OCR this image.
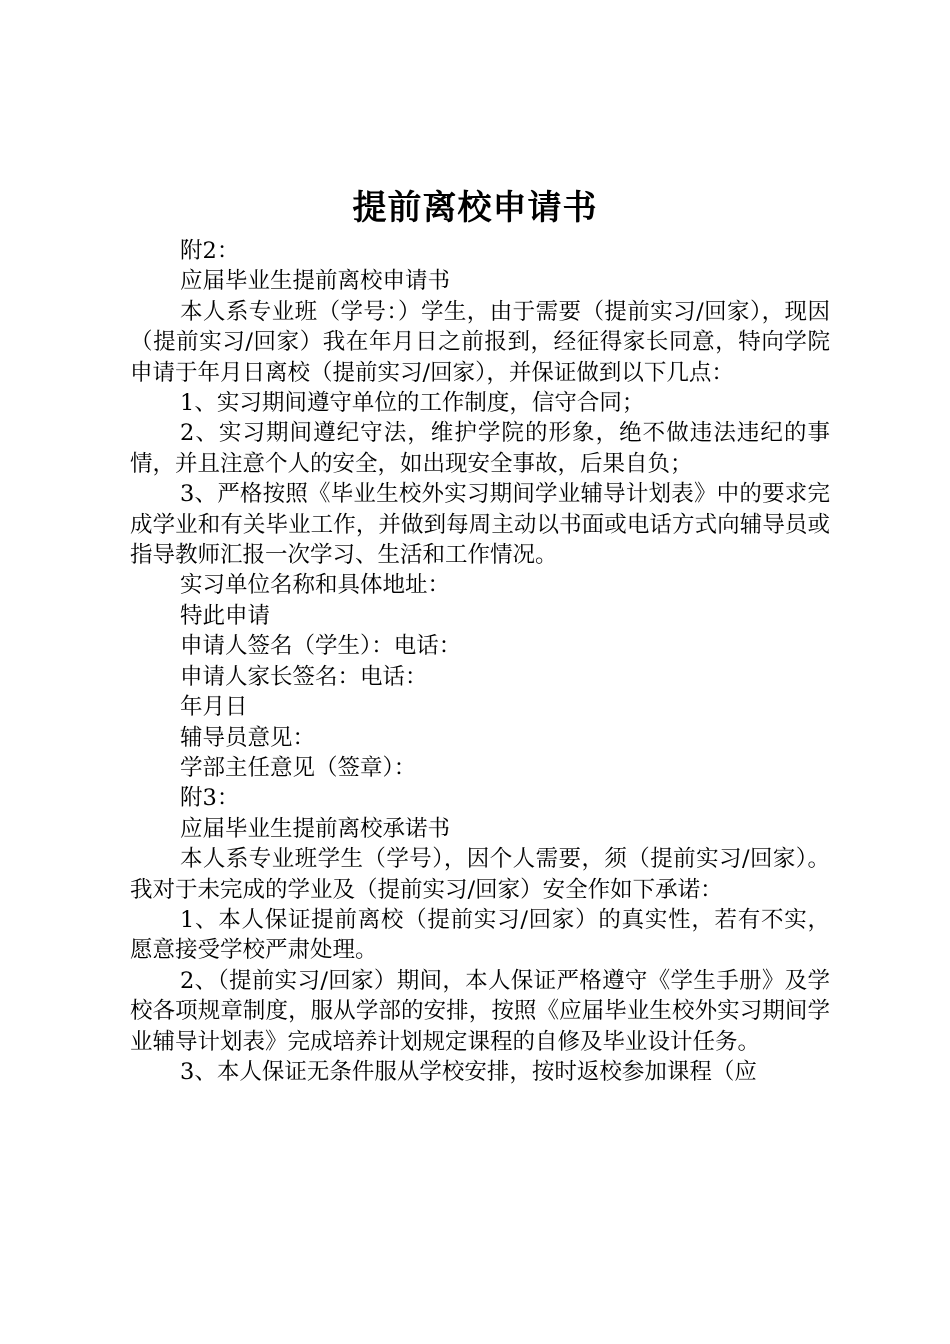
提前离校申请书

附2：

应届毕业生提前离校申请书

本人系专业班（学号：）学生，由于需要（提前实习/回家），现因（提前实习/回家）我在年月日之前报到，经征得家长同意，特向学院申请于年月日离校（提前实习/回家），并保证做到以下几点：

1、实习期间遵守单位的工作制度，信守合同；

2、实习期间遵纪守法，维护学院的形象，绝不做违法违纪的事情，并且注意个人的安全，如出现安全事故，后果自负；

3、严格按照《毕业生校外实习期间学业辅导计划表》中的要求完成学业和有关毕业工作，并做到每周主动以书面或电话方式向辅导员或指导教师汇报一次学习、生活和工作情况。

实习单位名称和具体地址：

特此申请

申请人签名（学生）：电话：

申请人家长签名：电话：

年月日

辅导员意见：

学部主任意见（签章）：

附3：

应届毕业生提前离校承诺书

本人系专业班学生（学号），因个人需要，须（提前实习/回家）。我对于未完成的学业及（提前实习/回家）安全作如下承诺：

1、本人保证提前离校（提前实习/回家）的真实性，若有不实，愿意接受学校严肃处理。

2、（提前实习/回家）期间，本人保证严格遵守《学生手册》及学校各项规章制度，服从学部的安排，按照《应届毕业生校外实习期间学业辅导计划表》完成培养计划规定课程的自修及毕业设计任务。

3、本人保证无条件服从学校安排，按时返校参加课程（应
